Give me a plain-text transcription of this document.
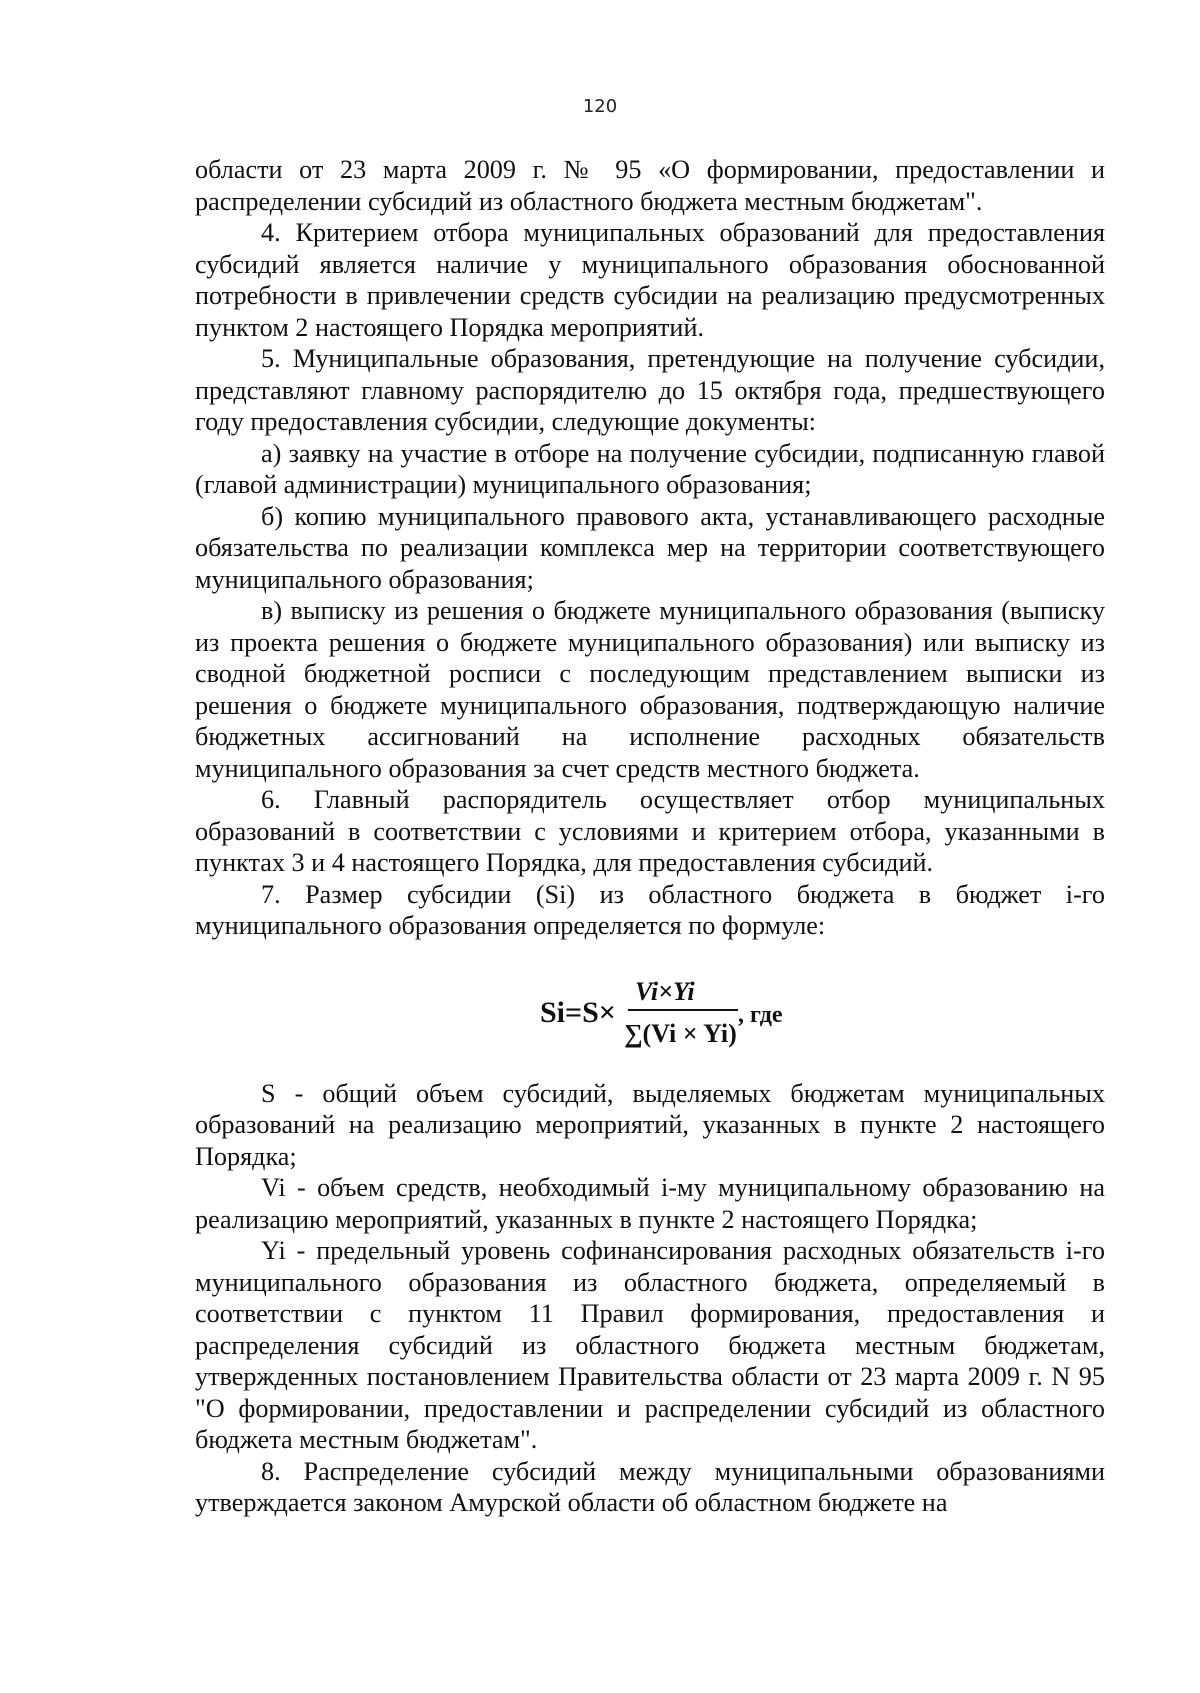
120

области от 23 марта 2009 г. № 95 «О формировании, предоставлении и распределении субсидий из областного бюджета местным бюджетам".

4. Критерием отбора муниципальных образований для предоставления субсидий является наличие у муниципального образования обоснованной потребности в привлечении средств субсидии на реализацию предусмотренных пунктом 2 настоящего Порядка мероприятий.

5. Муниципальные образования, претендующие на получение субсидии, представляют главному распорядителю до 15 октября года, предшествующего году предоставления субсидии, следующие документы:

а) заявку на участие в отборе на получение субсидии, подписанную главой (главой администрации) муниципального образования;

б) копию муниципального правового акта, устанавливающего расходные обязательства по реализации комплекса мер на территории соответствующего муниципального образования;

в) выписку из решения о бюджете муниципального образования (выписку из проекта решения о бюджете муниципального образования) или выписку из сводной бюджетной росписи с последующим представлением выписки из решения о бюджете муниципального образования, подтверждающую наличие бюджетных ассигнований на исполнение расходных обязательств муниципального образования за счет средств местного бюджета.

6. Главный распорядитель осуществляет отбор муниципальных образований в соответствии с условиями и критерием отбора, указанными в пунктах 3 и 4 настоящего Порядка, для предоставления субсидий.

7. Размер субсидии (Si) из областного бюджета в бюджет i-го муниципального образования определяется по формуле:

Si=S×
Vi×Yi
∑(Vi × Yi)
, где

S - общий объем субсидий, выделяемых бюджетам муниципальных образований на реализацию мероприятий, указанных в пункте 2 настоящего Порядка;

Vi - объем средств, необходимый i-му муниципальному образованию на реализацию мероприятий, указанных в пункте 2 настоящего Порядка;

Yi - предельный уровень софинансирования расходных обязательств i-го муниципального образования из областного бюджета, определяемый в соответствии с пунктом 11 Правил формирования, предоставления и распределения субсидий из областного бюджета местным бюджетам, утвержденных постановлением Правительства области от 23 марта 2009 г. N 95 "О формировании, предоставлении и распределении субсидий из областного бюджета местным бюджетам".

8. Распределение субсидий между муниципальными образованиями утверждается законом Амурской области об областном бюджете на
